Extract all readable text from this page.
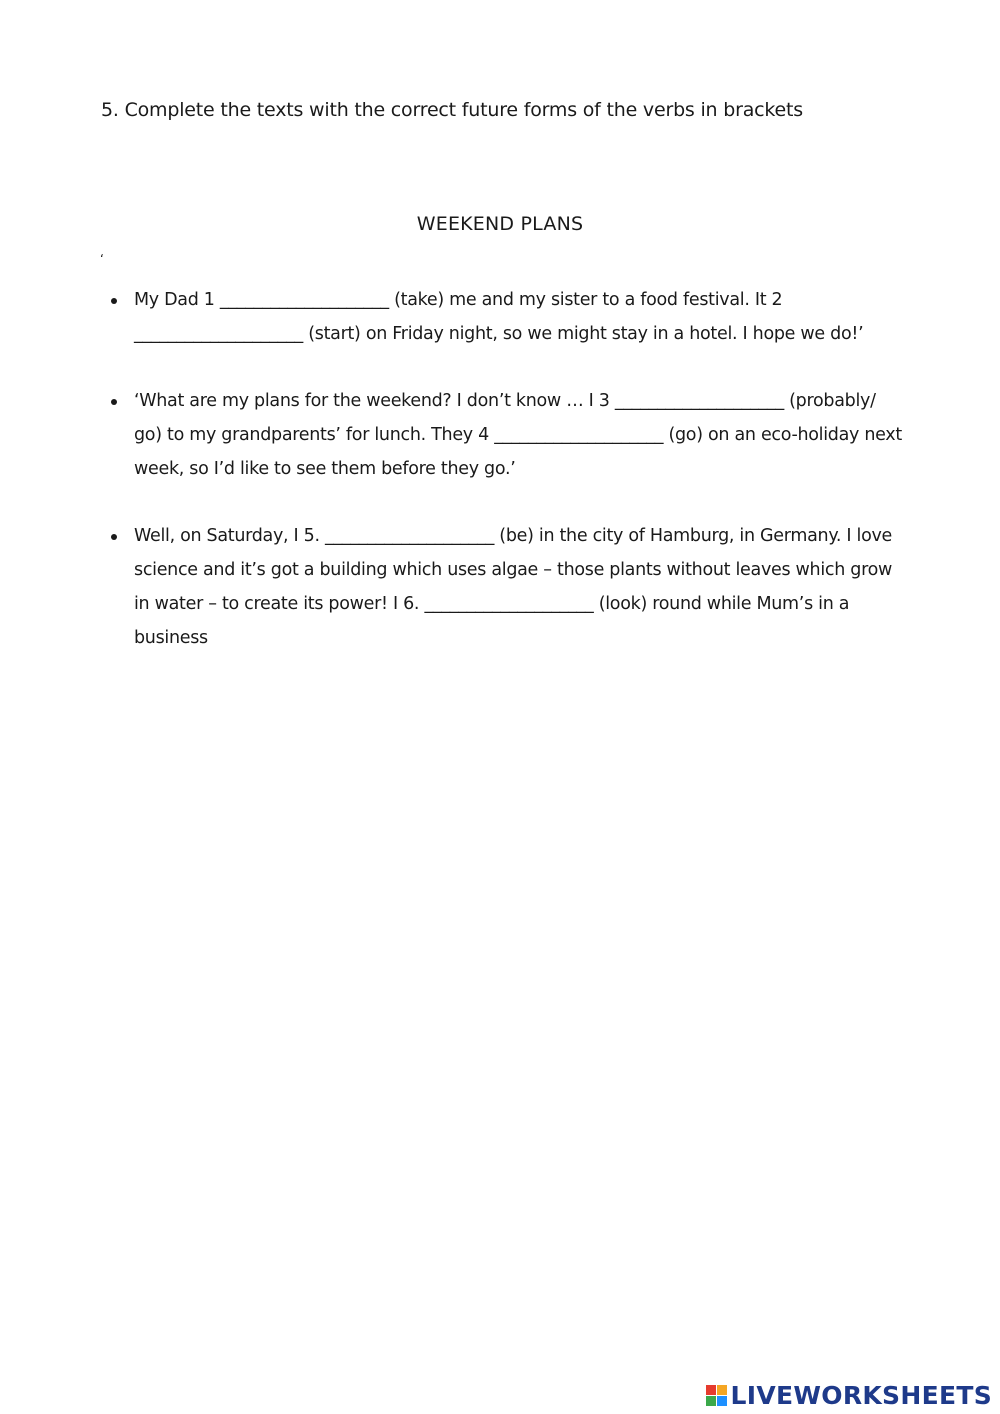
5. Complete the texts with the correct future forms of the verbs in brackets
WEEKEND PLANS
‘
My Dad 1 ____________________ (take) me and my sister to a food festival. It 2 ____________________ (start) on Friday night, so we might stay in a hotel. I hope we do!’
‘What are my plans for the weekend? I don’t know … I 3 ____________________ (probably/ go) to my grandparents’ for lunch. They 4 ____________________ (go) on an eco-holiday next week, so I’d like to see them before they go.’
Well, on Saturday, I 5. ____________________ (be) in the city of Hamburg, in Germany. I love science and it’s got a building which uses algae – those plants without leaves which grow in water – to create its power! I 6. ____________________ (look) round while Mum’s in a business
LIVEWORKSHEETS
